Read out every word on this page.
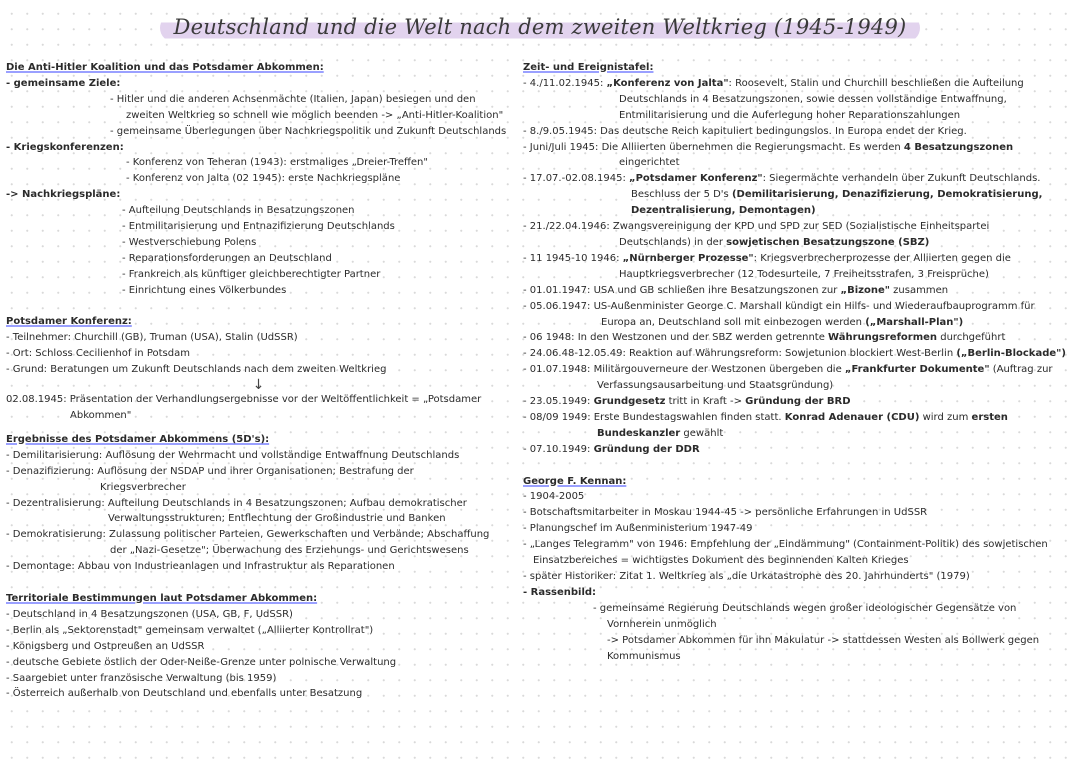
Deutschland und die Welt nach dem zweiten Weltkrieg (1945-1949)

Die Anti-Hitler Koalition und das Potsdamer Abkommen:

- gemeinsame Ziele:

- Hitler und die anderen Achsenmächte (Italien, Japan) besiegen und den

zweiten Weltkrieg so schnell wie möglich beenden -> „Anti-Hitler-Koalition"

- gemeinsame Überlegungen über Nachkriegspolitik und Zukunft Deutschlands

- Kriegskonferenzen:

- Konferenz von Teheran (1943): erstmaliges „Dreier-Treffen"

- Konferenz von Jalta (02 1945): erste Nachkriegspläne

-> Nachkriegspläne:

- Aufteilung Deutschlands in Besatzungszonen

- Entmilitarisierung und Entnazifizierung Deutschlands

- Westverschiebung Polens

- Reparationsforderungen an Deutschland

- Frankreich als künftiger gleichberechtigter Partner

- Einrichtung eines Völkerbundes

Potsdamer Konferenz:

- Teilnehmer: Churchill (GB), Truman (USA), Stalin (UdSSR)

- Ort: Schloss Cecilienhof in Potsdam

- Grund: Beratungen um Zukunft Deutschlands nach dem zweiten Weltkrieg

↓

02.08.1945: Präsentation der Verhandlungsergebnisse vor der Weltöffentlichkeit = „Potsdamer

Abkommen"

Ergebnisse des Potsdamer Abkommens (5D's):

- Demilitarisierung: Auflösung der Wehrmacht und vollständige Entwaffnung Deutschlands

- Denazifizierung: Auflösung der NSDAP und ihrer Organisationen; Bestrafung der

Kriegsverbrecher

- Dezentralisierung: Aufteilung Deutschlands in 4 Besatzungszonen; Aufbau demokratischer

Verwaltungsstrukturen; Entflechtung der Großindustrie und Banken

- Demokratisierung: Zulassung politischer Parteien, Gewerkschaften und Verbände; Abschaffung

der „Nazi-Gesetze"; Überwachung des Erziehungs- und Gerichtswesens

- Demontage: Abbau von Industrieanlagen und Infrastruktur als Reparationen

Territoriale Bestimmungen laut Potsdamer Abkommen:

- Deutschland in 4 Besatzungszonen (USA, GB, F, UdSSR)

- Berlin als „Sektorenstadt" gemeinsam verwaltet („Alliierter Kontrollrat")

- Königsberg und Ostpreußen an UdSSR

- deutsche Gebiete östlich der Oder-Neiße-Grenze unter polnische Verwaltung

- Saargebiet unter französische Verwaltung (bis 1959)

- Österreich außerhalb von Deutschland und ebenfalls unter Besatzung

Zeit- und Ereignistafel:

- 4./11.02.1945: „Konferenz von Jalta": Roosevelt, Stalin und Churchill beschließen die Aufteilung

Deutschlands in 4 Besatzungszonen, sowie dessen vollständige Entwaffnung,

Entmilitarisierung und die Auferlegung hoher Reparationszahlungen

- 8./9.05.1945: Das deutsche Reich kapituliert bedingungslos. In Europa endet der Krieg.

- Juni/Juli 1945: Die Alliierten übernehmen die Regierungsmacht. Es werden 4 Besatzungszonen

eingerichtet

- 17.07.-02.08.1945: „Potsdamer Konferenz": Siegermächte verhandeln über Zukunft Deutschlands.

Beschluss der 5 D's (Demilitarisierung, Denazifizierung, Demokratisierung,

Dezentralisierung, Demontagen)

- 21./22.04.1946: Zwangsvereinigung der KPD und SPD zur SED (Sozialistische Einheitspartei

Deutschlands) in der sowjetischen Besatzungszone (SBZ)

- 11 1945-10 1946: „Nürnberger Prozesse": Kriegsverbrecherprozesse der Alliierten gegen die

Hauptkriegsverbrecher (12 Todesurteile, 7 Freiheitsstrafen, 3 Freisprüche)

- 01.01.1947: USA und GB schließen ihre Besatzungszonen zur „Bizone" zusammen

- 05.06.1947: US-Außenminister George C. Marshall kündigt ein Hilfs- und Wiederaufbauprogramm für

Europa an, Deutschland soll mit einbezogen werden („Marshall-Plan")

- 06 1948: In den Westzonen und der SBZ werden getrennte Währungsreformen durchgeführt

- 24.06.48-12.05.49: Reaktion auf Währungsreform: Sowjetunion blockiert West-Berlin („Berlin-Blockade")

- 01.07.1948: Militärgouverneure der Westzonen übergeben die „Frankfurter Dokumente" (Auftrag zur

Verfassungsausarbeitung und Staatsgründung)

- 23.05.1949: Grundgesetz tritt in Kraft -> Gründung der BRD

- 08/09 1949: Erste Bundestagswahlen finden statt. Konrad Adenauer (CDU) wird zum ersten

Bundeskanzler gewählt

- 07.10.1949: Gründung der DDR

George F. Kennan:

- 1904-2005

- Botschaftsmitarbeiter in Moskau 1944-45 -> persönliche Erfahrungen in UdSSR

- Planungschef im Außenministerium 1947-49

- „Langes Telegramm" von 1946: Empfehlung der „Eindämmung" (Containment-Politik) des sowjetischen

Einsatzbereiches = wichtigstes Dokument des beginnenden Kalten Krieges

- später Historiker: Zitat 1. Weltkrieg als „die Urkatastrophe des 20. Jahrhunderts" (1979)

- Rassenbild:

- gemeinsame Regierung Deutschlands wegen großer ideologischer Gegensätze von

Vornherein unmöglich

-> Potsdamer Abkommen für ihn Makulatur -> stattdessen Westen als Bollwerk gegen

Kommunismus
